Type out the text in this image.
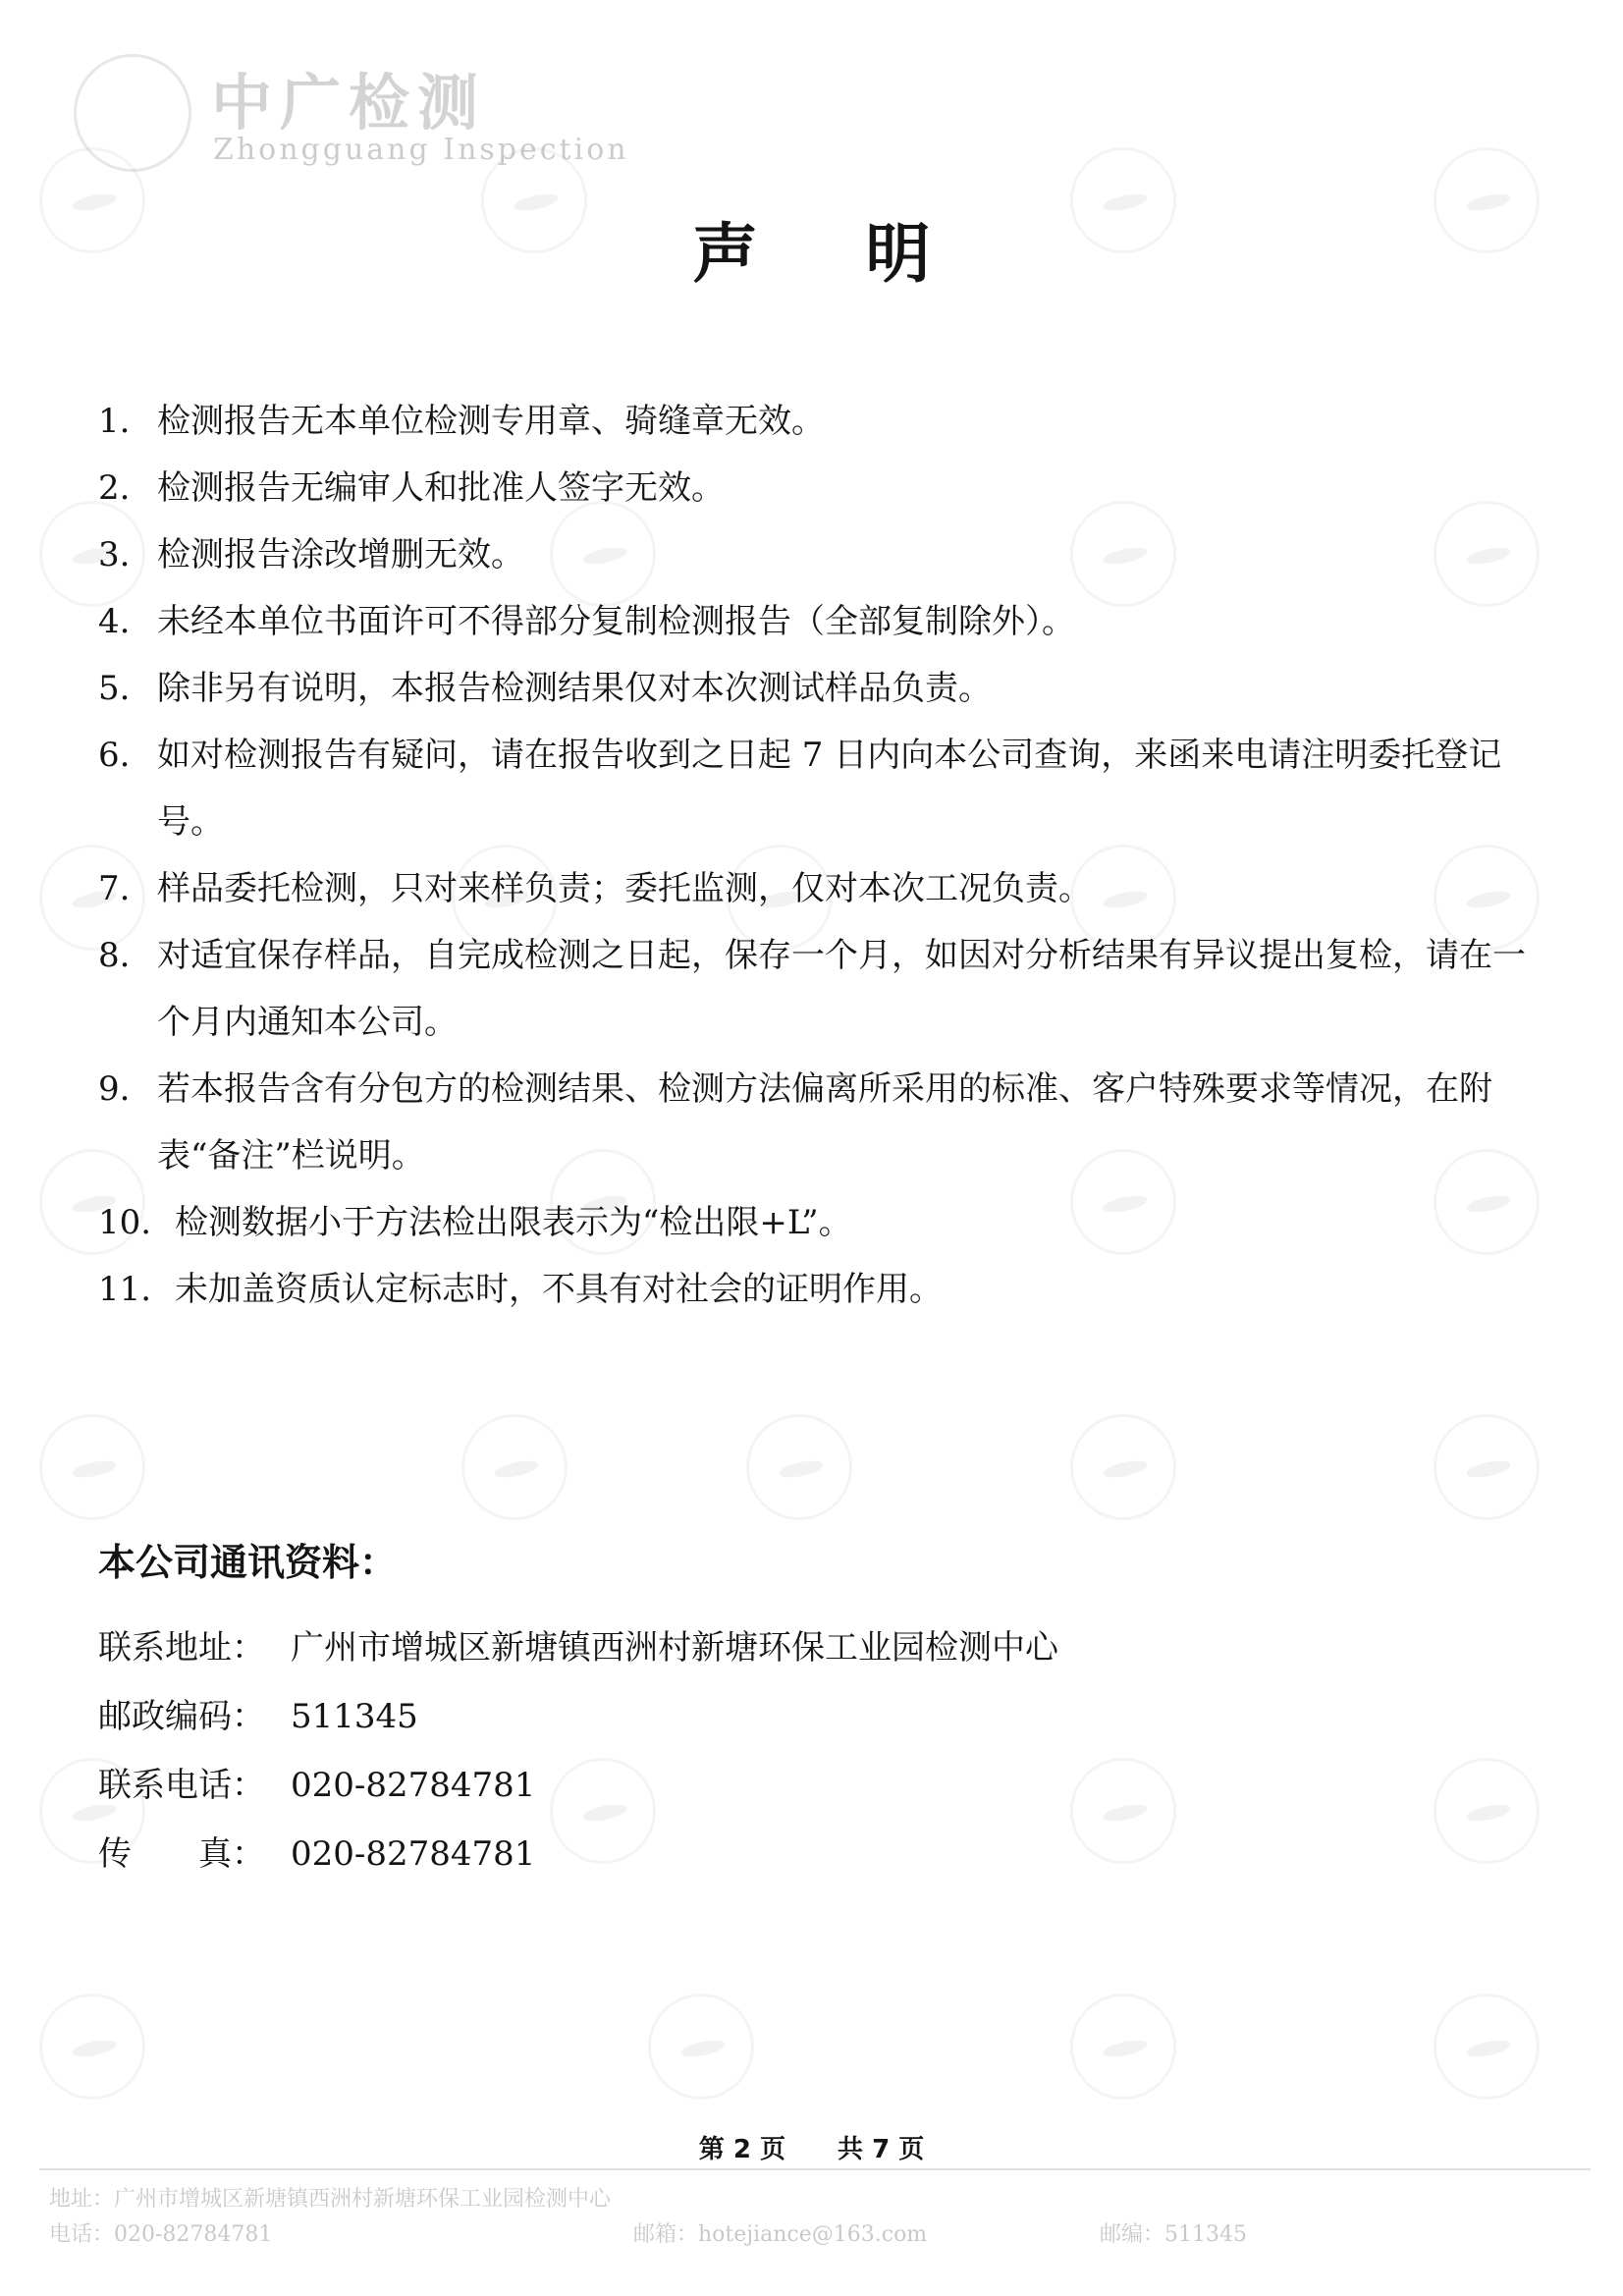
中广检测
Zhongguang Inspection
声明
1. 检测报告无本单位检测专用章、骑缝章无效。
2. 检测报告无编审人和批准人签字无效。
3. 检测报告涂改增删无效。
4. 未经本单位书面许可不得部分复制检测报告（全部复制除外）。
5. 除非另有说明，本报告检测结果仅对本次测试样品负责。
6. 如对检测报告有疑问，请在报告收到之日起 7 日内向本公司查询，来函来电请注明委托登记号。
7. 样品委托检测，只对来样负责；委托监测，仅对本次工况负责。
8. 对适宜保存样品，自完成检测之日起，保存一个月，如因对分析结果有异议提出复检，请在一个月内通知本公司。
9. 若本报告含有分包方的检测结果、检测方法偏离所采用的标准、客户特殊要求等情况，在附表“备注”栏说明。
10. 检测数据小于方法检出限表示为“检出限+L”。
11. 未加盖资质认定标志时，不具有对社会的证明作用。
本公司通讯资料：
联系地址： 广州市增城区新塘镇西洲村新塘环保工业园检测中心
邮政编码： 511345
联系电话： 020-82784781
传　　真： 020-82784781
第 2 页 共 7 页
地址：广州市增城区新塘镇西洲村新塘环保工业园检测中心
电话：020-82784781	邮箱：hotejiance@163.com	邮编：511345
